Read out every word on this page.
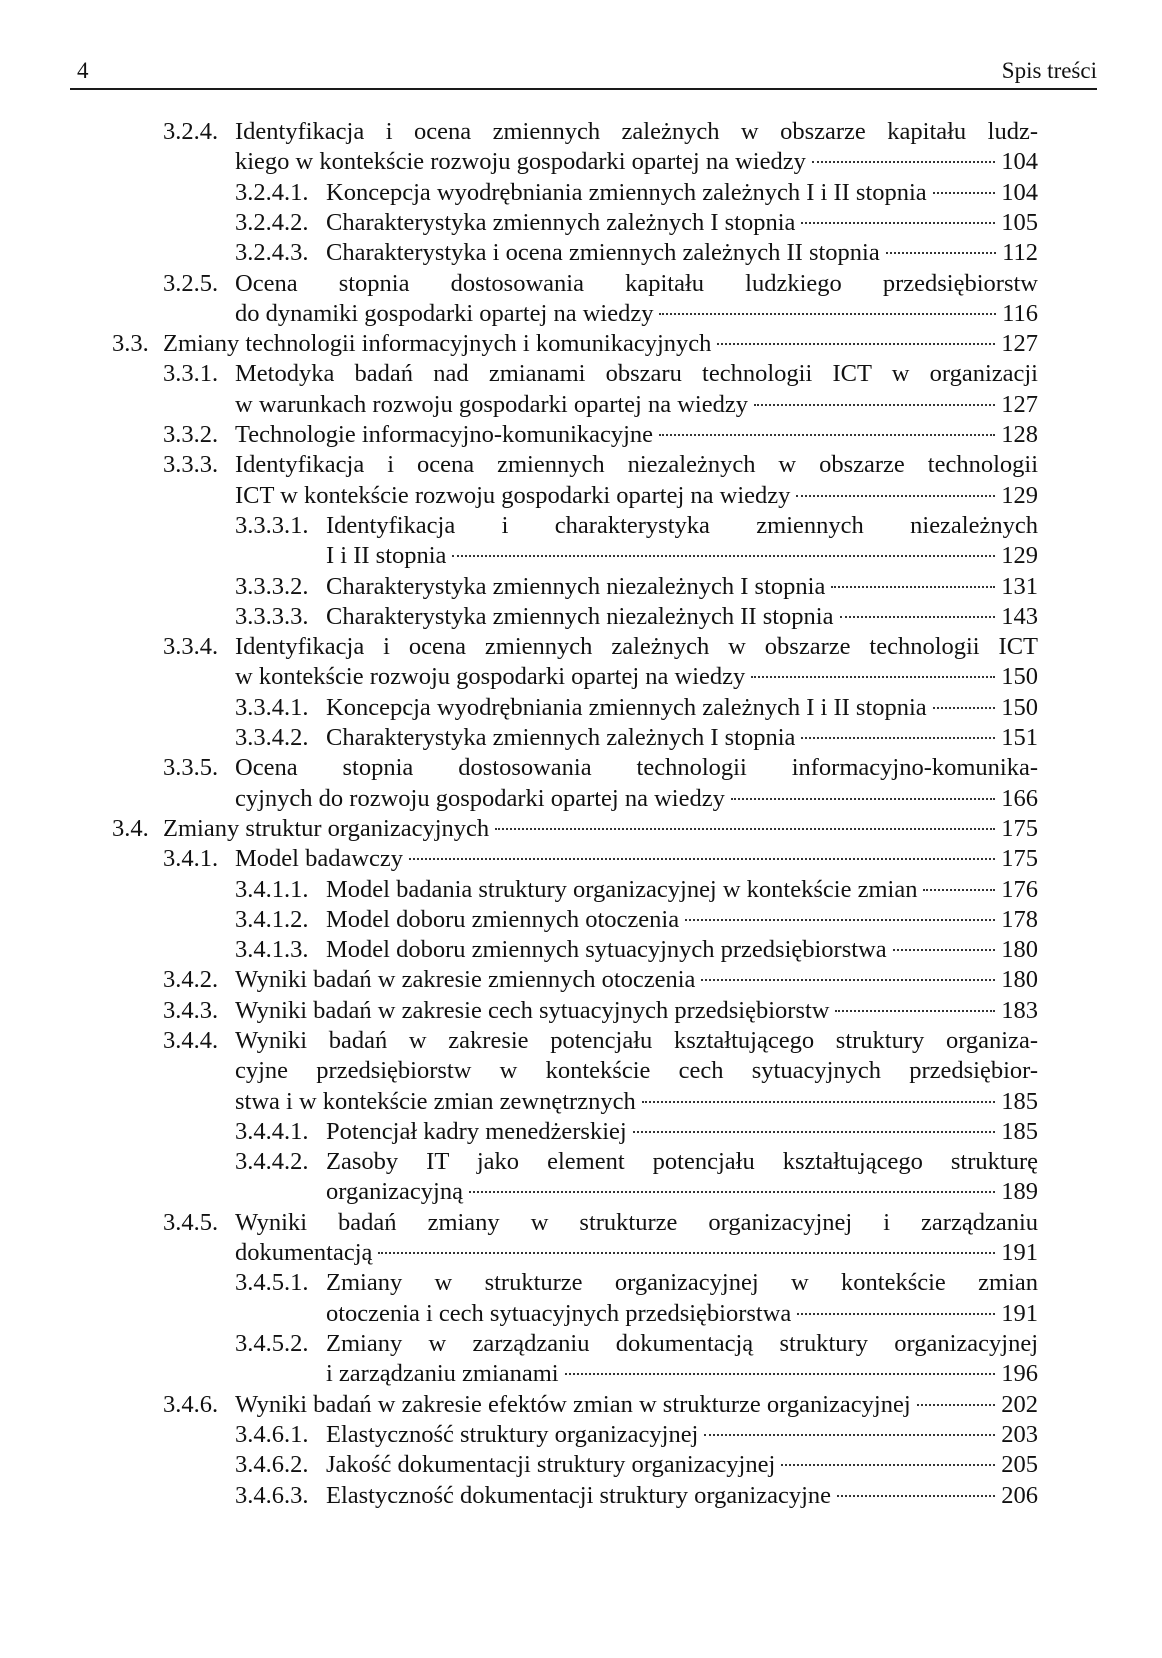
4	Spis treści
3.2.4. Identyfikacja i ocena zmiennych zależnych w obszarze kapitału ludz-
kiego w kontekście rozwoju gospodarki opartej na wiedzy	104
3.2.4.1. Koncepcja wyodrębniania zmiennych zależnych I i II stopnia	104
3.2.4.2. Charakterystyka zmiennych zależnych I stopnia	105
3.2.4.3. Charakterystyka i ocena zmiennych zależnych II stopnia	112
3.2.5. Ocena stopnia dostosowania kapitału ludzkiego przedsiębiorstw
do dynamiki gospodarki opartej na wiedzy	116
3.3. Zmiany technologii informacyjnych i komunikacyjnych	127
3.3.1. Metodyka badań nad zmianami obszaru technologii ICT w organizacji
w warunkach rozwoju gospodarki opartej na wiedzy	127
3.3.2. Technologie informacyjno-komunikacyjne	128
3.3.3. Identyfikacja i ocena zmiennych niezależnych w obszarze technologii
ICT w kontekście rozwoju gospodarki opartej na wiedzy	129
3.3.3.1. Identyfikacja i charakterystyka zmiennych niezależnych
I i II stopnia	129
3.3.3.2. Charakterystyka zmiennych niezależnych I stopnia	131
3.3.3.3. Charakterystyka zmiennych niezależnych II stopnia	143
3.3.4. Identyfikacja i ocena zmiennych zależnych w obszarze technologii ICT
w kontekście rozwoju gospodarki opartej na wiedzy	150
3.3.4.1. Koncepcja wyodrębniania zmiennych zależnych I i II stopnia	150
3.3.4.2. Charakterystyka zmiennych zależnych I stopnia	151
3.3.5. Ocena stopnia dostosowania technologii informacyjno-komunika-
cyjnych do rozwoju gospodarki opartej na wiedzy	166
3.4. Zmiany struktur organizacyjnych	175
3.4.1. Model badawczy	175
3.4.1.1. Model badania struktury organizacyjnej w kontekście zmian	176
3.4.1.2. Model doboru zmiennych otoczenia	178
3.4.1.3. Model doboru zmiennych sytuacyjnych przedsiębiorstwa	180
3.4.2. Wyniki badań w zakresie zmiennych otoczenia	180
3.4.3. Wyniki badań w zakresie cech sytuacyjnych przedsiębiorstw	183
3.4.4. Wyniki badań w zakresie potencjału kształtującego struktury organiza-
cyjne przedsiębiorstw w kontekście cech sytuacyjnych przedsiębior-
stwa i w kontekście zmian zewnętrznych	185
3.4.4.1. Potencjał kadry menedżerskiej	185
3.4.4.2. Zasoby IT jako element potencjału kształtującego strukturę
organizacyjną	189
3.4.5. Wyniki badań zmiany w strukturze organizacyjnej i zarządzaniu
dokumentacją	191
3.4.5.1. Zmiany w strukturze organizacyjnej w kontekście zmian
otoczenia i cech sytuacyjnych przedsiębiorstwa	191
3.4.5.2. Zmiany w zarządzaniu dokumentacją struktury organizacyjnej
i zarządzaniu zmianami	196
3.4.6. Wyniki badań w zakresie efektów zmian w strukturze organizacyjnej	202
3.4.6.1. Elastyczność struktury organizacyjnej	203
3.4.6.2. Jakość dokumentacji struktury organizacyjnej	205
3.4.6.3. Elastyczność dokumentacji struktury organizacyjne	206
